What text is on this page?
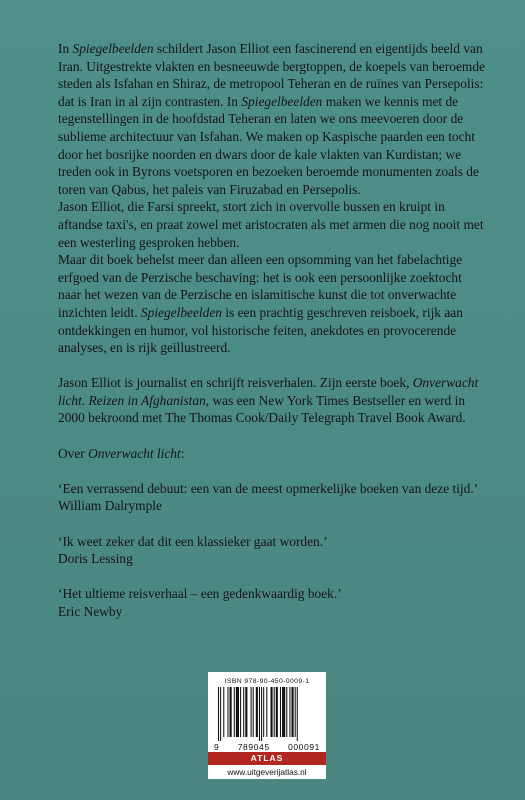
In Spiegelbeelden schildert Jason Elliot een fascinerend en eigentijds beeld van Iran. Uitgestrekte vlakten en besneeuwde bergtoppen, de koepels van beroemde steden als Isfahan en Shiraz, de metropool Teheran en de ruïnes van Persepolis: dat is Iran in al zijn contrasten. In Spiegelbeelden maken we kennis met de tegenstellingen in de hoofdstad Teheran en laten we ons meevoeren door de sublieme architectuur van Isfahan. We maken op Kaspische paarden een tocht door het bosrijke noorden en dwars door de kale vlakten van Kurdistan; we treden ook in Byrons voetsporen en bezoeken beroemde monumenten zoals de toren van Qabus, het paleis van Firuzabad en Persepolis.

Jason Elliot, die Farsi spreekt, stort zich in overvolle bussen en kruipt in aftandse taxi's, en praat zowel met aristocraten als met armen die nog nooit met een westerling gesproken hebben.

Maar dit boek behelst meer dan alleen een opsomming van het fabelachtige erfgoed van de Perzische beschaving: het is ook een persoonlijke zoektocht naar het wezen van de Perzische en islamitische kunst die tot onverwachte inzichten leidt. Spiegelbeelden is een prachtig geschreven reisboek, rijk aan ontdekkingen en humor, vol historische feiten, anekdotes en provocerende analyses, en is rijk geïllustreerd.

Jason Elliot is journalist en schrijft reisverhalen. Zijn eerste boek, Onverwacht licht. Reizen in Afghanistan, was een New York Times Bestseller en werd in 2000 bekroond met The Thomas Cook/Daily Telegraph Travel Book Award.

Over Onverwacht licht:

‘Een verrassend debuut: een van de meest opmerkelijke boeken van deze tijd.’

William Dalrymple

‘Ik weet zeker dat dit een klassieker gaat worden.’

Doris Lessing

‘Het ultieme reisverhaal – een gedenkwaardig boek.’

Eric Newby

ISBN 978-90-450-0009-1

9 789045 000091
ATLAS
www.uitgeverijatlas.nl
